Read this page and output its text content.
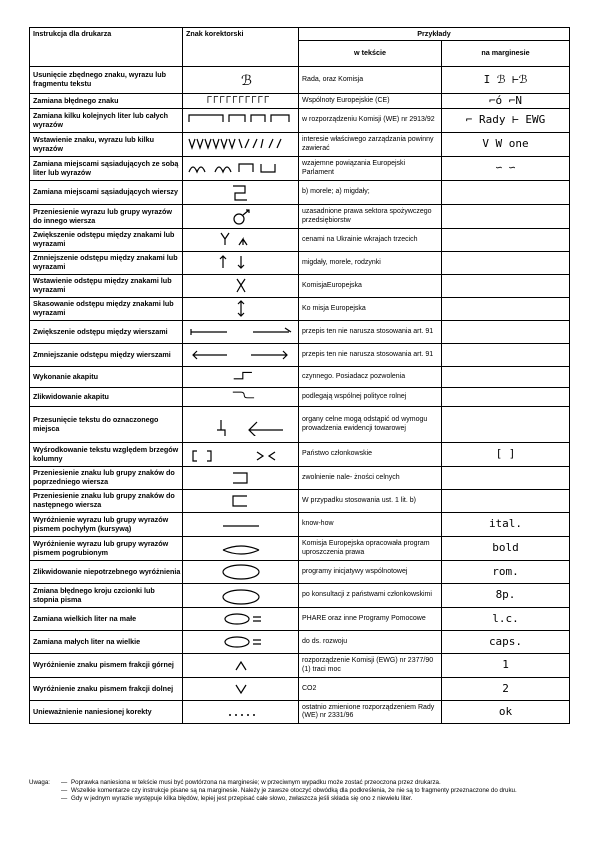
Instrukcja dla drukarza	Znak korektorski	Przykłady	
		w tekście	na marginesie
Usunięcie zbędnego znaku, wyrazu lub fragmentu tekstu	ℬ	Rada, oraz Komisja	I ℬ ⊢ℬ
Zamiana błędnego znaku		Wspólnoty Europejskie (CE)	⌐ó ⌐N
Zamiana kilku kolejnych liter lub całych wyrazów		w rozporządzeniu Komisji (WE) nr 2913/92	⌐ Rady ⊢ EWG
Wstawienie znaku, wyrazu lub kilku wyrazów		interesie właściwego zarządzania powinny zawierać	V W one
Zamiana miejscami sąsiadujących ze sobą liter lub wyrazów		wzajemne powiązania Europejski Parlament	∽ ∽
Zamiana miejscami sąsiadujących wierszy		b) morele; a) migdały;	
Przeniesienie wyrazu lub grupy wyrazów do innego wiersza		uzasadnione prawa sektora spożywczego przedsiębiorstw	
Zwiększenie odstępu między znakami lub wyrazami		cenami na Ukrainie wkrajach trzecich	
Zmniejszenie odstępu między znakami lub wyrazami		migdały, morele, rodzynki	
Wstawienie odstępu między znakami lub wyrazami		KomisjaEuropejska	
Skasowanie odstępu między znakami lub wyrazami		Ko misja Europejska	
Zwiększenie odstępu między wierszami		przepis ten nie narusza stosowania art. 91	
Zmniejszanie odstępu między wierszami		przepis ten nie narusza stosowania art. 91	
Wykonanie akapitu		czynnego. Posiadacz pozwolenia	
Zlikwidowanie akapitu		podlegają wspólnej polityce rolnej	
Przesunięcie tekstu do oznaczonego miejsca		organy celne mogą odstąpić od wymogu prowadzenia ewidencji towarowej	
Wyśrodkowanie tekstu względem brzegów kolumny		Państwo członkowskie	[ ]
Przeniesienie znaku lub grupy znaków do poprzedniego wiersza		zwolnienie nale- żności celnych	
Przeniesienie znaku lub grupy znaków do następnego wiersza		W przypadku stosowania ust. 1 lit. b)	
Wyróżnienie wyrazu lub grupy wyrazów pismem pochyłym (kursywą)		know-how	ital.
Wyróżnienie wyrazu lub grupy wyrazów pismem pogrubionym		Komisja Europejska opracowała program uproszczenia prawa	bold
Zlikwidowanie niepotrzebnego wyróżnienia		programy inicjatywy wspólnotowej	rom.
Zmiana błędnego kroju czcionki lub stopnia pisma		po konsultacji z państwami członkowskimi	8p.
Zamiana wielkich liter na małe		PHARE oraz inne Programy Pomocowe	l.c.
Zamiana małych liter na wielkie		do ds. rozwoju	caps.
Wyróżnienie znaku pismem frakcji górnej		rozporządzenie Komisji (EWG) nr 2377/90 (1) traci moc	1
Wyróżnienie znaku pismem frakcji dolnej		CO2	2
Unieważnienie naniesionej korekty		ostatnio zmienione rozporządzeniem Rady (WE) nr 2331/96	ok
Uwaga:	— Poprawka naniesiona w tekście musi być powtórzona na marginesie; w przeciwnym wypadku może zostać przeoczona przez drukarza.
— Wszelkie komentarze czy instrukcje pisane są na marginesie. Należy je zawsze otoczyć obwódką dla podkreślenia, że nie są to fragmenty przeznaczone do druku.
— Gdy w jednym wyrazie występuje kilka błędów, lepiej jest przepisać całe słowo, zwłaszcza jeśli składa się ono z niewielu liter.
